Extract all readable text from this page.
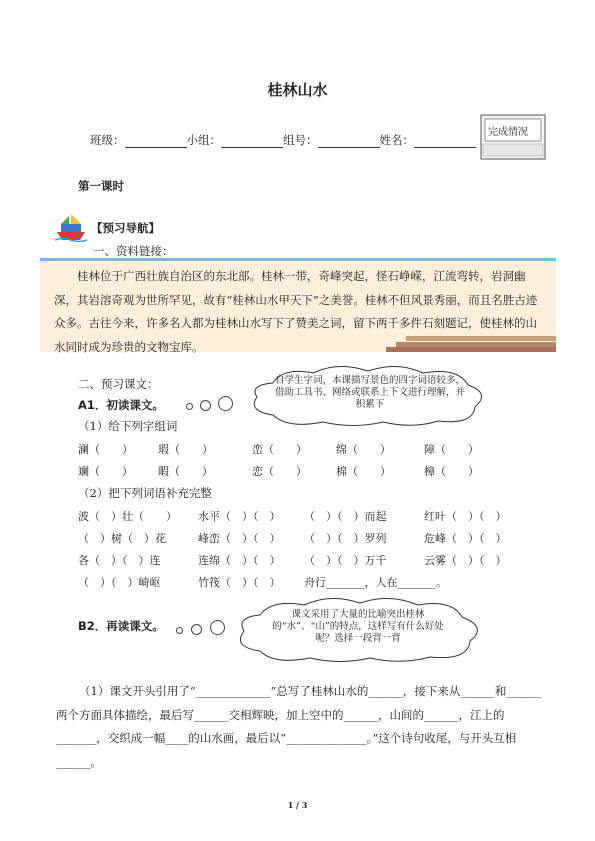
桂林山水
班级：	小组：	组号：	姓名：
完成情况
第一课时
【预习导航】
一、资料链接：
桂林位于广西壮族自治区的东北部。桂林一带，奇峰突起，怪石峥嵘，江流弯转，岩洞幽深，其岩溶奇观为世所罕见，故有“桂林山水甲天下”之美誉。桂林不但风景秀丽，而且名胜古迹众多。古往今来，许多名人都为桂林山水写下了赞美之词，留下两千多件石刻题记，使桂林的山水同时成为珍贵的文物宝库。
二、预习课文：
A1．初读课文。
自学生字词，本课描写景色的四字词语较多，借助工具书、网络或联系上下文进行理解，并积累下
（1）给下列字组词
澜（　　） 瑕（　　）	峦（　　）	绵（　　）	障（　　）
斓（　　） 暇（　　）	恋（　　）	棉（　　）	樟（　　）
（2）把下列词语补充完整
波（　）壮（　　） 水平（　）（　） （　）（　）而起	红叶（　）（　）
（　）树（　）花	峰峦（　）（　） （　）（　）罗列	危峰（　）（　）
各（　）（　）连	连绵（　）（　） （　）（　）万千	云雾（　）（　）
（　）（　）崎岖	竹筏（　）（　） 舟行_______，人在_______。
B2．再读课文。
课文采用了大量的比喻突出桂林的“水”、“山”的特点，这样写有什么好处呢？选择一段背一背
（1）课文开头引用了“_____________”总写了桂林山水的______，接下来从______和______两个方面具体描绘，最后写______交相辉映，加上空中的______，山间的______，江上的_______，交织成一幅____的山水画，最后以“______________。”这个诗句收尾，与开头互相______。
1 / 3
